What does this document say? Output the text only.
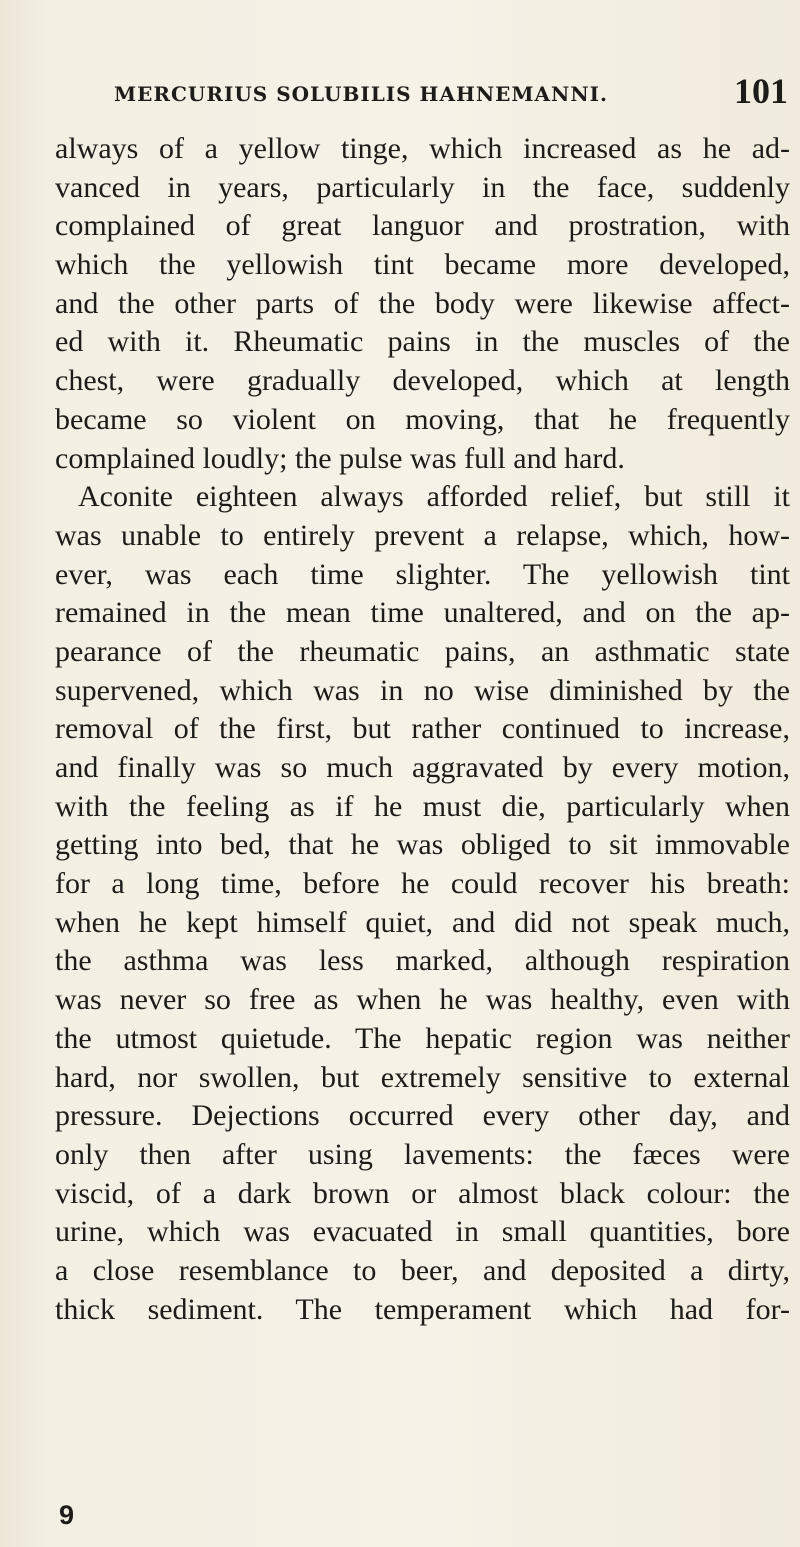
MERCURIUS SOLUBILIS HAHNEMANNI.	101
always of a yellow tinge, which increased as he ad-
vanced in years, particularly in the face, suddenly
complained of great languor and prostration, with
which the yellowish tint became more developed,
and the other parts of the body were likewise affect-
ed with it. Rheumatic pains in the muscles of the
chest, were gradually developed, which at length
became so violent on moving, that he frequently
complained loudly; the pulse was full and hard.
Aconite eighteen always afforded relief, but still it
was unable to entirely prevent a relapse, which, how-
ever, was each time slighter. The yellowish tint
remained in the mean time unaltered, and on the ap-
pearance of the rheumatic pains, an asthmatic state
supervened, which was in no wise diminished by the
removal of the first, but rather continued to increase,
and finally was so much aggravated by every motion,
with the feeling as if he must die, particularly when
getting into bed, that he was obliged to sit immovable
for a long time, before he could recover his breath:
when he kept himself quiet, and did not speak much,
the asthma was less marked, although respiration
was never so free as when he was healthy, even with
the utmost quietude. The hepatic region was neither
hard, nor swollen, but extremely sensitive to external
pressure. Dejections occurred every other day, and
only then after using lavements: the fæces were
viscid, of a dark brown or almost black colour: the
urine, which was evacuated in small quantities, bore
a close resemblance to beer, and deposited a dirty,
thick sediment. The temperament which had for-
9
